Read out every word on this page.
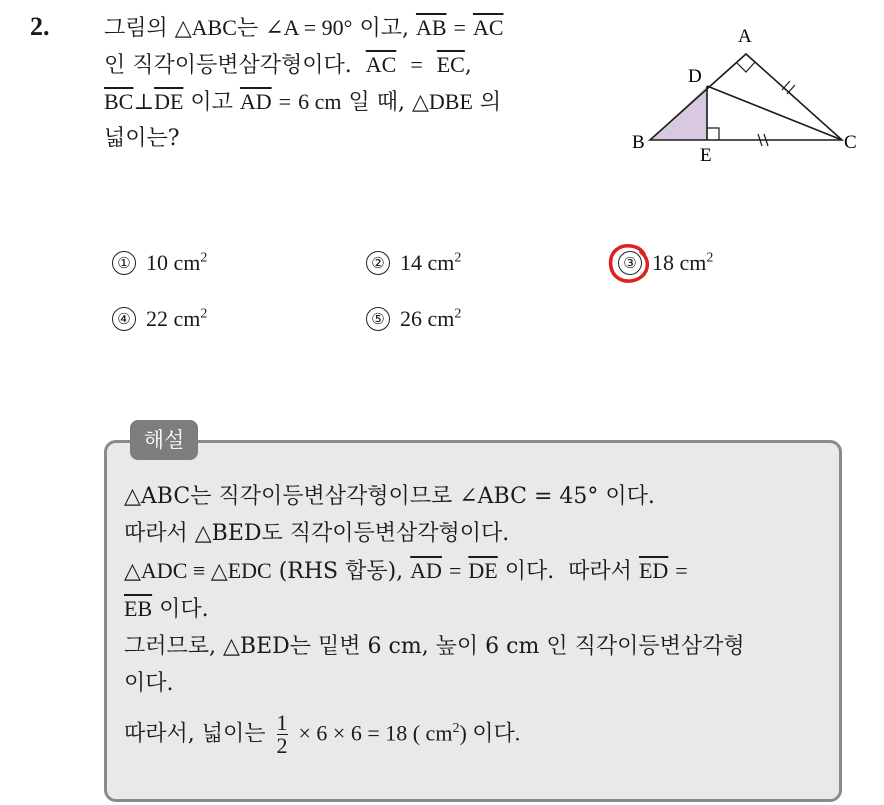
2. 그림의 △ABC는 ∠A = 90° 이고, $\overline{AB} = \overline{AC}$
인 직각이등변삼각형이다.  $\overline{AC} = \overline{EC}$,
$\overline{BC}\perp\overline{DE}$ 이고 $\overline{AD} = 6$ cm 일 때, △DBE 의
넓이는?
A
D
B	C
E
① 10 $cm^2$	② 14 $cm^2$	③ 18 $cm^2$
④ 22 $cm^2$	⑤ 26 $cm^2$
해설
△ABC는 직각이등변삼각형이므로 ∠ABC = 45° 이다.
따라서 △BED도 직각이등변삼각형이다.
△ADC ≡ △EDC (RHS 합동), $\overline{AD} = \overline{DE}$ 이다.  따라서 $\overline{ED}$ =
$\overline{EB}$ 이다.
그러므로, △BED는 밑변 6 cm, 높이 6 cm 인 직각이등변삼각형
이다.
따라서, 넓이는 $\frac{1}{2} \times 6 \times 6 = 18$ ( $cm^2$) 이다.
